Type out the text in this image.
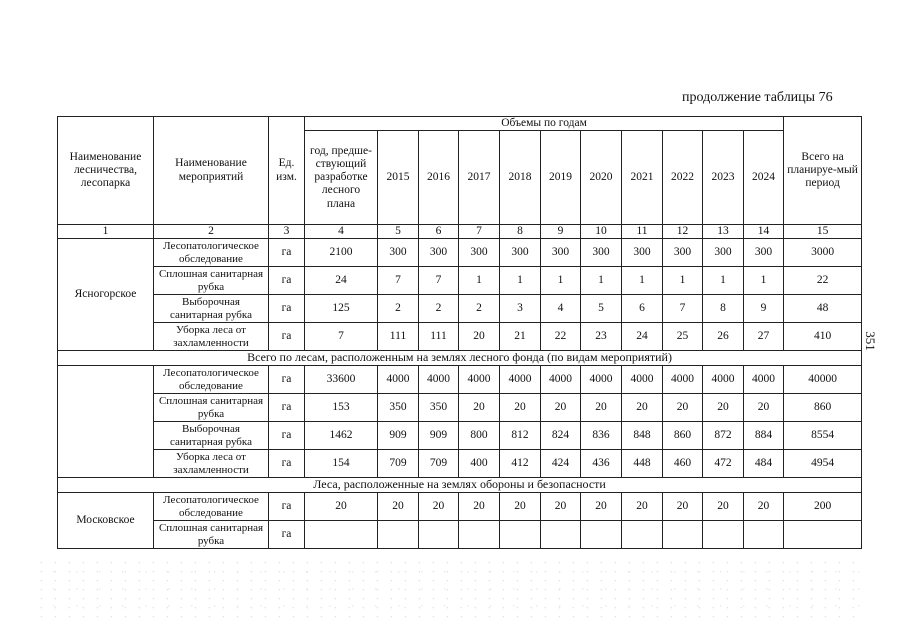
продолжение таблицы 76
351
Наименование лесничества, лесопарка	Наименование мероприятий	Ед. изм.	Объемы по годам											Всего на планируе-мый период
			год, предше-ствующий разработке лесного плана	2015	2016	2017	2018	2019	2020	2021	2022	2023	2024	
1	2	3	4	5	6	7	8	9	10	11	12	13	14	15
Ясногорское	Лесопатологическое обследование	га	2100	300	300	300	300	300	300	300	300	300	300	3000
	Сплошная санитарная рубка	га	24	7	7	1	1	1	1	1	1	1	1	22
	Выборочная санитарная рубка	га	125	2	2	2	3	4	5	6	7	8	9	48
	Уборка леса от захламленности	га	7	111	111	20	21	22	23	24	25	26	27	410
Всего по лесам, расположенным на землях лесного фонда (по видам мероприятий)														
	Лесопатологическое обследование	га	33600	4000	4000	4000	4000	4000	4000	4000	4000	4000	4000	40000
	Сплошная санитарная рубка	га	153	350	350	20	20	20	20	20	20	20	20	860
	Выборочная санитарная рубка	га	1462	909	909	800	812	824	836	848	860	872	884	8554
	Уборка леса от захламленности	га	154	709	709	400	412	424	436	448	460	472	484	4954
Леса, расположенные на землях обороны и безопасности														
Московское	Лесопатологическое обследование	га	20	20	20	20	20	20	20	20	20	20	20	200
	Сплошная санитарная рубка	га												
